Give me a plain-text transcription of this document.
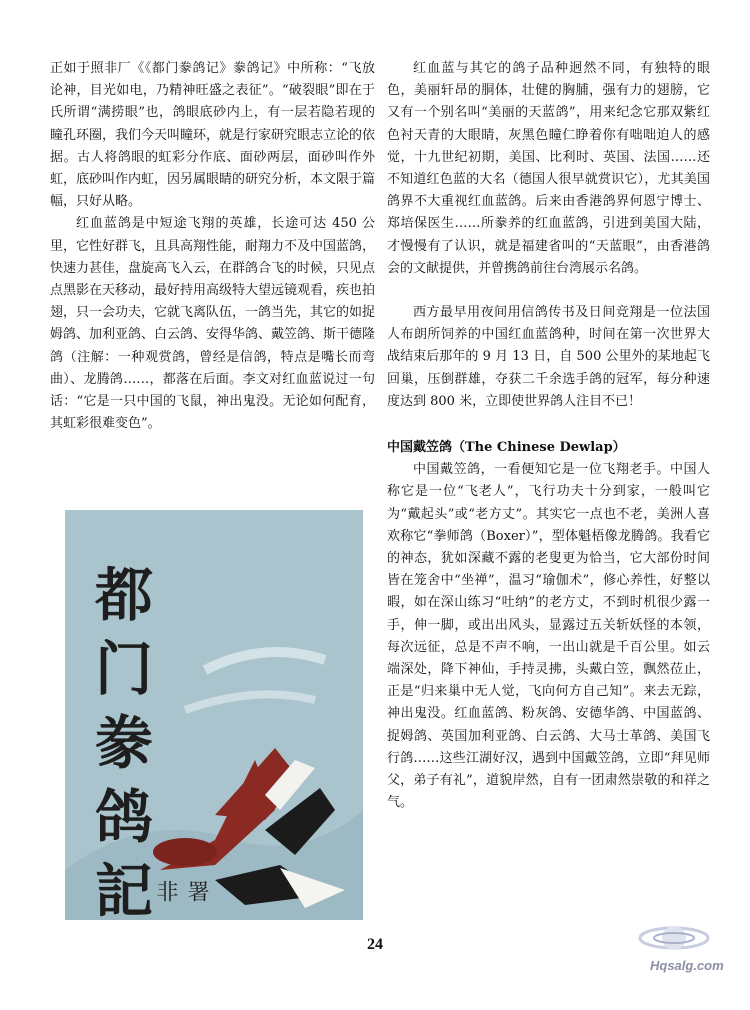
正如于照非厂《《都门豢鸽记》豢鸽记》中所称：“飞放论神，目光如电，乃精神旺盛之表征”。“破裂眼”即在于氏所谓“满捞眼”也，鸽眼底砂内上，有一层若隐若现的瞳孔环圈，我们今天叫瞳环，就是行家研究眼志立论的依据。古人将鸽眼的虹彩分作底、面砂两层，面砂叫作外虹，底砂叫作内虹，因另属眼睛的研究分析，本文限于篇幅，只好从略。

红血蓝鸽是中短途飞翔的英雄，长途可达 450 公里，它性好群飞，且具高翔性能，耐翔力不及中国蓝鸽，快速力甚佳，盘旋高飞入云，在群鸽合飞的时候，只见点点黑影在天移动，最好持用高级特大望远镜观看，疾也拍翅，只一会功夫，它就飞离队伍，一鸽当先，其它的如捉姆鸽、加利亚鸽、白云鸽、安得华鸽、戴笠鸽、斯干德隆鸽（注解：一种观赏鸽，曾经是信鸽，特点是嘴长而弯曲）、龙腾鸽……，都落在后面。李文对红血蓝说过一句话：“它是一只中国的飞鼠，神出鬼没。无论如何配育，其虹彩很难变色”。

红血蓝与其它的鸽子品种迥然不同，有独特的眼色，美丽轩昂的胴体，壮健的胸脯，强有力的翅膀，它又有一个别名叫“美丽的天蓝鸽”，用来纪念它那双紫红色衬天青的大眼睛，灰黑色瞳仁睁着你有咄咄迫人的感觉，十九世纪初期，美国、比利时、英国、法国……还不知道红色蓝的大名（德国人很早就赏识它），尤其美国鸽界不大重视红血蓝鸽。后来由香港鸽界何恩宁博士、郑培保医生……所豢养的红血蓝鸽，引进到美国大陆，才慢慢有了认识，就是福建省叫的“天蓝眼”，由香港鸽会的文献提供，并曾携鸽前往台湾展示名鸽。

西方最早用夜间用信鸽传书及日间竞翔是一位法国人布朗所饲养的中国红血蓝鸽种，时间在第一次世界大战结束后那年的 9 月 13 日，自 500 公里外的某地起飞回巢，压倒群雄，夺获二千余选手鸽的冠军，每分种速度达到 800 米，立即使世界鸽人注目不已！

中国戴笠鸽（The Chinese Dewlap）

中国戴笠鸽，一看便知它是一位飞翔老手。中国人称它是一位“飞老人”，飞行功夫十分到家，一般叫它为“戴起头”或“老方丈”。其实它一点也不老，美洲人喜欢称它“拳师鸽（Boxer）”，型体魁梧像龙腾鸽。我看它的神态，犹如深藏不露的老叟更为恰当，它大部份时间皆在笼舍中“坐禅”，温习“瑜伽术”，修心养性，好整以暇，如在深山练习“吐纳”的老方丈，不到时机很少露一手，伸一脚，或出出风头，显露过五关斩妖怪的本领，每次远征，总是不声不响，一出山就是千百公里。如云端深处，降下神仙，手持灵拂，头戴白笠，飘然莅止，正是“归来巢中无人觉，飞向何方自己知”。来去无踪，神出鬼没。红血蓝鸽、粉灰鸽、安德华鸽、中国蓝鸽、捉姆鸽、英国加利亚鸽、白云鸽、大马士革鸽、美国飞行鸽……这些江湖好汉，遇到中国戴笠鸽，立即“拜见师父，弟子有礼”，道貌岸然，自有一团肃然崇敬的和祥之气。

都门豢鸽記	署非
24
Hqsalg.com
